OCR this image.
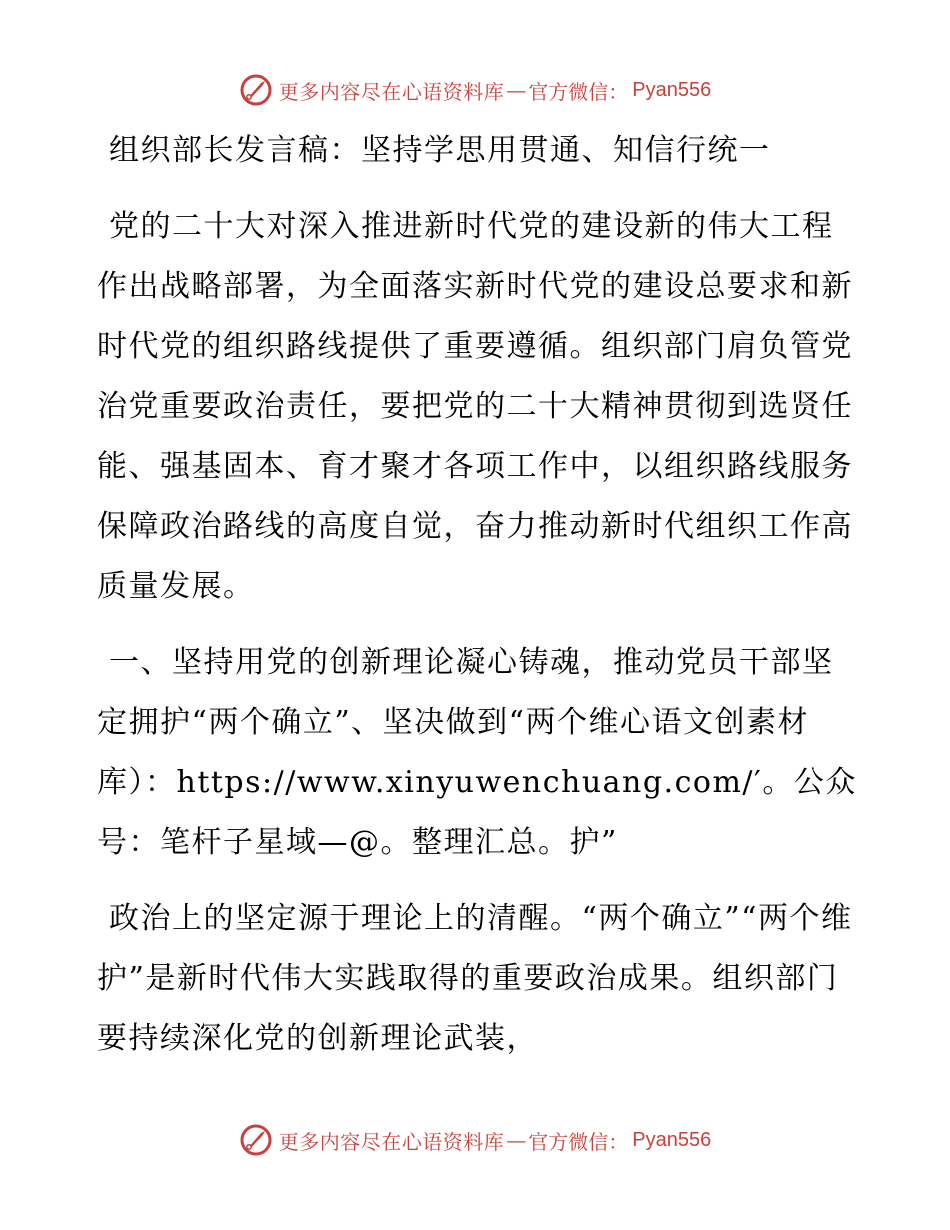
更多内容尽在心语资料库 — 官方微信： Pyan556

组织部长发言稿：坚持学思用贯通、知信行统一

党的二十大对深入推进新时代党的建设新的伟大工程作出战略部署，为全面落实新时代党的建设总要求和新时代党的组织路线提供了重要遵循。组织部门肩负管党治党重要政治责任，要把党的二十大精神贯彻到选贤任能、强基固本、育才聚才各项工作中，以组织路线服务保障政治路线的高度自觉，奋力推动新时代组织工作高质量发展。

一、坚持用党的创新理论凝心铸魂，推动党员干部坚定拥护“两个确立”、坚决做到“两个维心语文创素材库）：https://www.xinyuwenchuang.com/′。公众号：笔杆子星域—@。整理汇总。护”

政治上的坚定源于理论上的清醒。“两个确立”“两个维护”是新时代伟大实践取得的重要政治成果。组织部门要持续深化党的创新理论武装，

更多内容尽在心语资料库 — 官方微信： Pyan556
